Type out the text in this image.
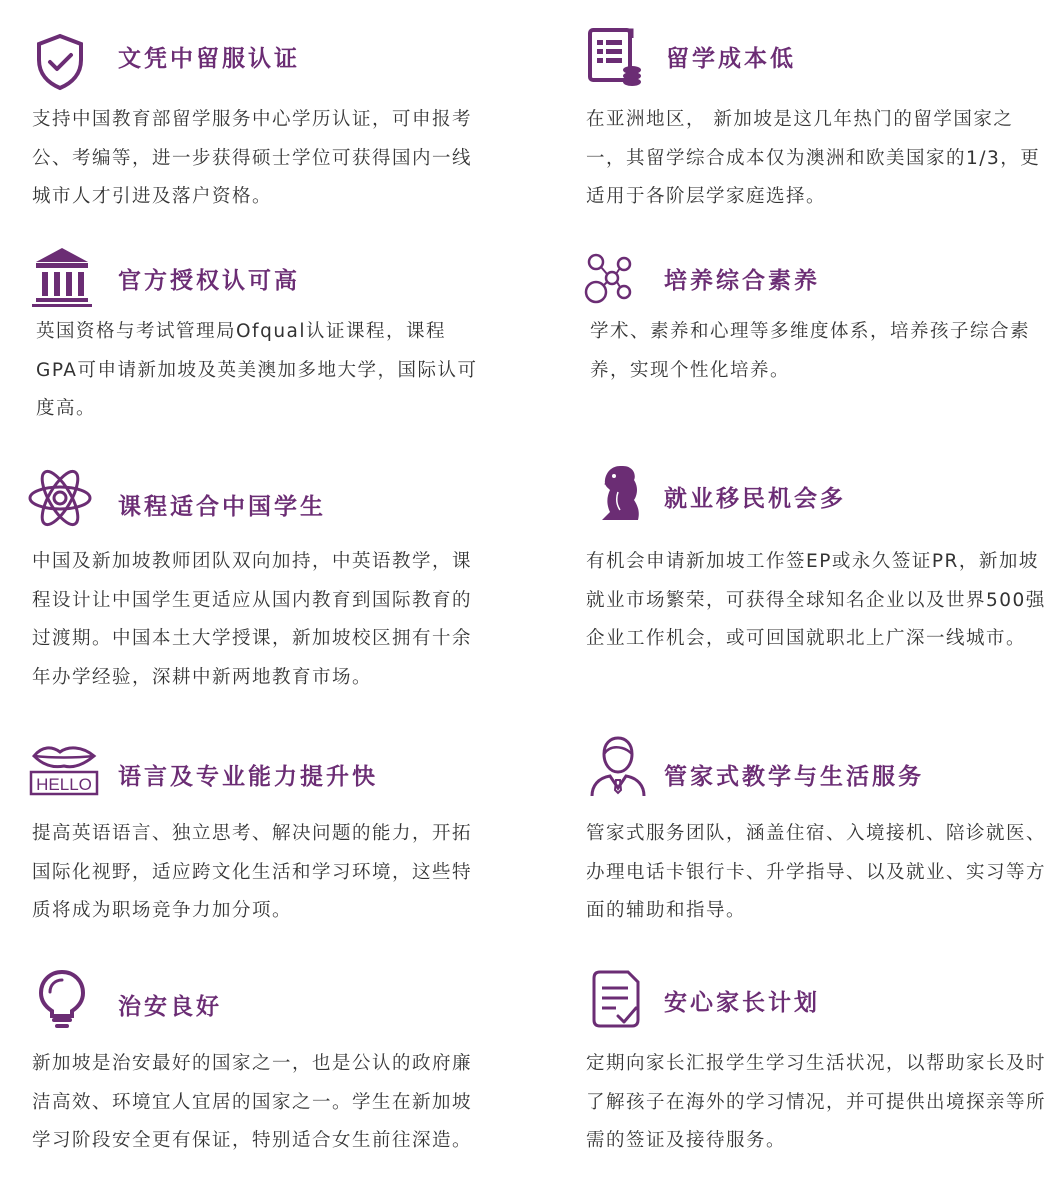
文凭中留服认证

支持中国教育部留学服务中心学历认证，可申报考公、考编等，进一步获得硕士学位可获得国内一线城市人才引进及落户资格。

留学成本低

在亚洲地区， 新加坡是这几年热门的留学国家之一，其留学综合成本仅为澳洲和欧美国家的1/3，更适用于各阶层学家庭选择。

官方授权认可高

英国资格与考试管理局Ofqual认证课程，课程GPA可申请新加坡及英美澳加多地大学，国际认可度高。

培养综合素养

学术、素养和心理等多维度体系，培养孩子综合素养，实现个性化培养。

课程适合中国学生

中国及新加坡教师团队双向加持，中英语教学，课程设计让中国学生更适应从国内教育到国际教育的过渡期。中国本土大学授课，新加坡校区拥有十余年办学经验，深耕中新两地教育市场。

就业移民机会多

有机会申请新加坡工作签EP或永久签证PR，新加坡就业市场繁荣，可获得全球知名企业以及世界500强企业工作机会，或可回国就职北上广深一线城市。

HELLO 语言及专业能力提升快

提高英语语言、独立思考、解决问题的能力，开拓国际化视野，适应跨文化生活和学习环境，这些特质将成为职场竞争力加分项。

管家式教学与生活服务

管家式服务团队，涵盖住宿、入境接机、陪诊就医、办理电话卡银行卡、升学指导、以及就业、实习等方面的辅助和指导。

治安良好

新加坡是治安最好的国家之一，也是公认的政府廉洁高效、环境宜人宜居的国家之一。学生在新加坡学习阶段安全更有保证，特别适合女生前往深造。

安心家长计划

定期向家长汇报学生学习生活状况，以帮助家长及时了解孩子在海外的学习情况，并可提供出境探亲等所需的签证及接待服务。
